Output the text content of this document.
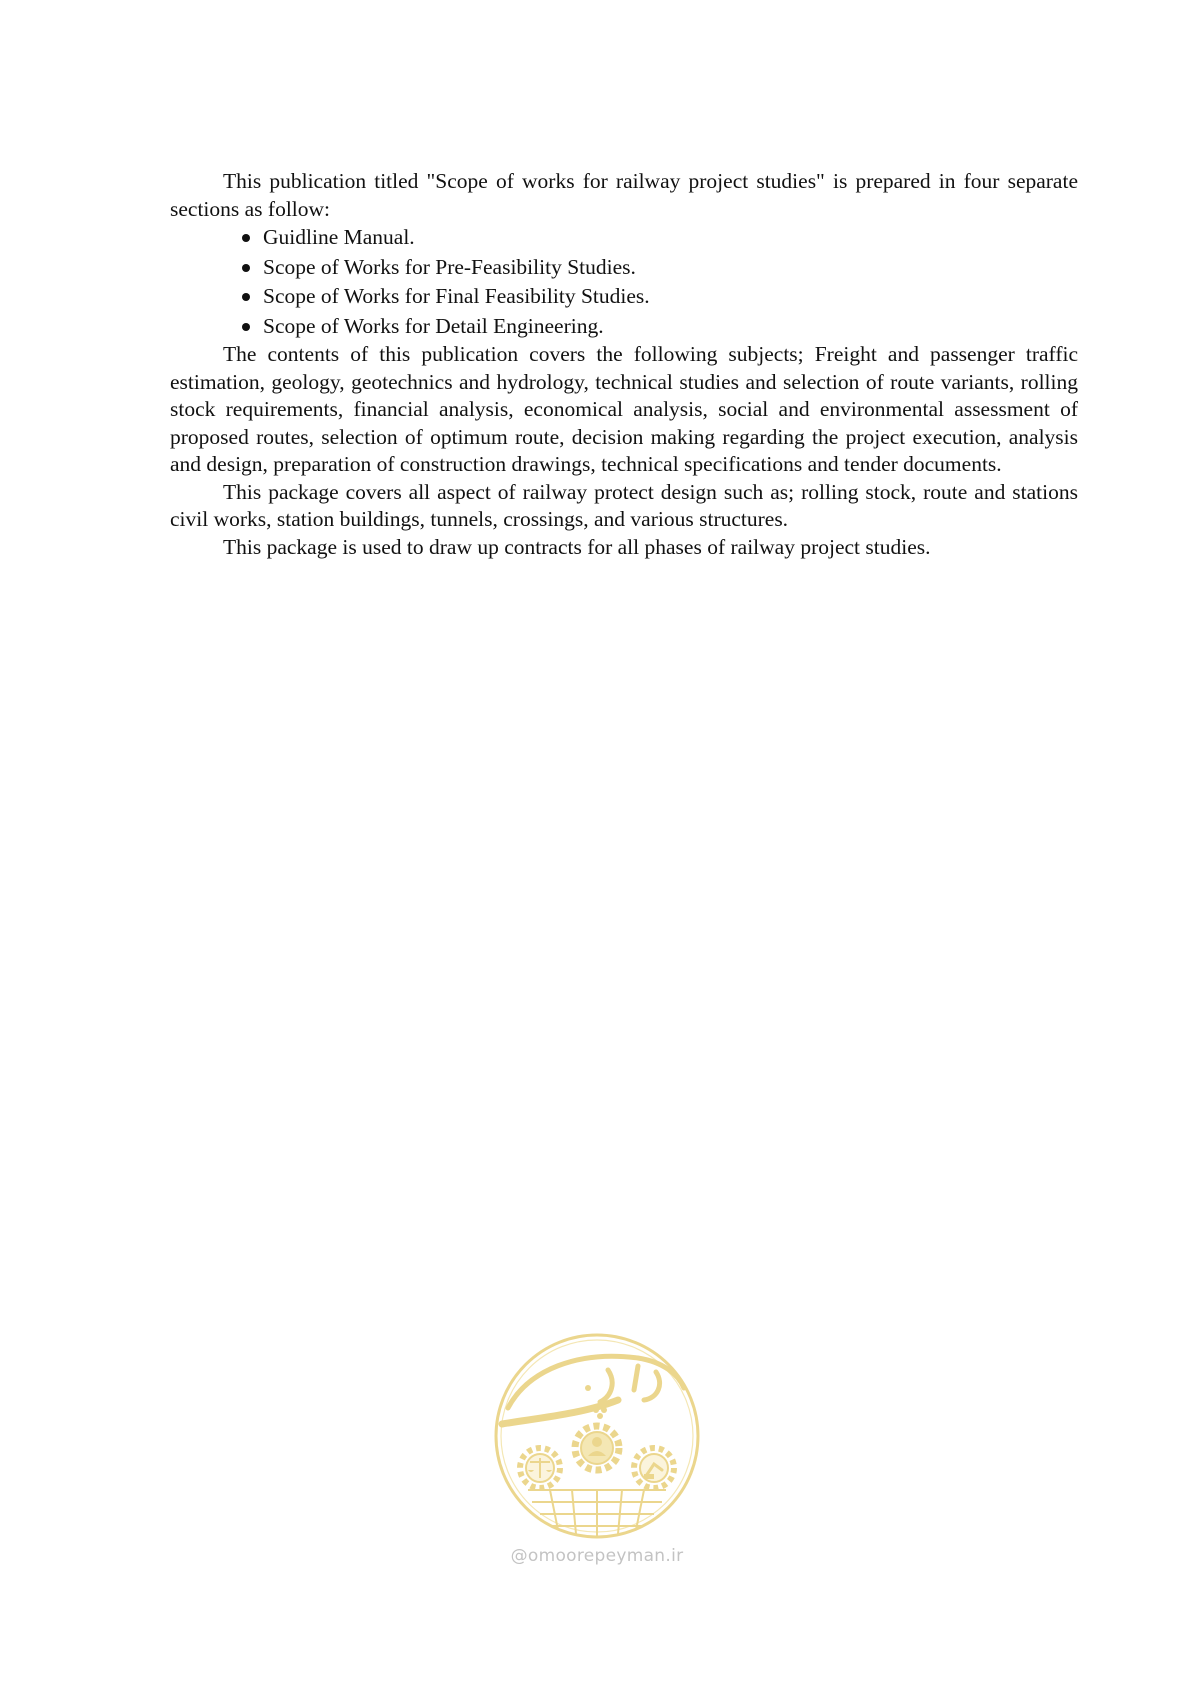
This publication titled "Scope of works for railway project studies" is prepared in four separate sections as follow:

Guidline Manual.
Scope of Works for Pre-Feasibility Studies.
Scope of Works for Final Feasibility Studies.
Scope of Works for Detail Engineering.

The contents of this publication covers the following subjects; Freight and passenger traffic estimation, geology, geotechnics and hydrology, technical studies and selection of route variants, rolling stock requirements, financial analysis, economical analysis, social and environmental assessment of proposed routes, selection of optimum route, decision making regarding the project execution, analysis and design, preparation of construction drawings, technical specifications and tender documents.

This package covers all aspect of railway protect design such as; rolling stock, route and stations civil works, station buildings, tunnels, crossings, and various structures.

This package is used to draw up contracts for all phases of railway project studies.

@omoorepeyman.ir
